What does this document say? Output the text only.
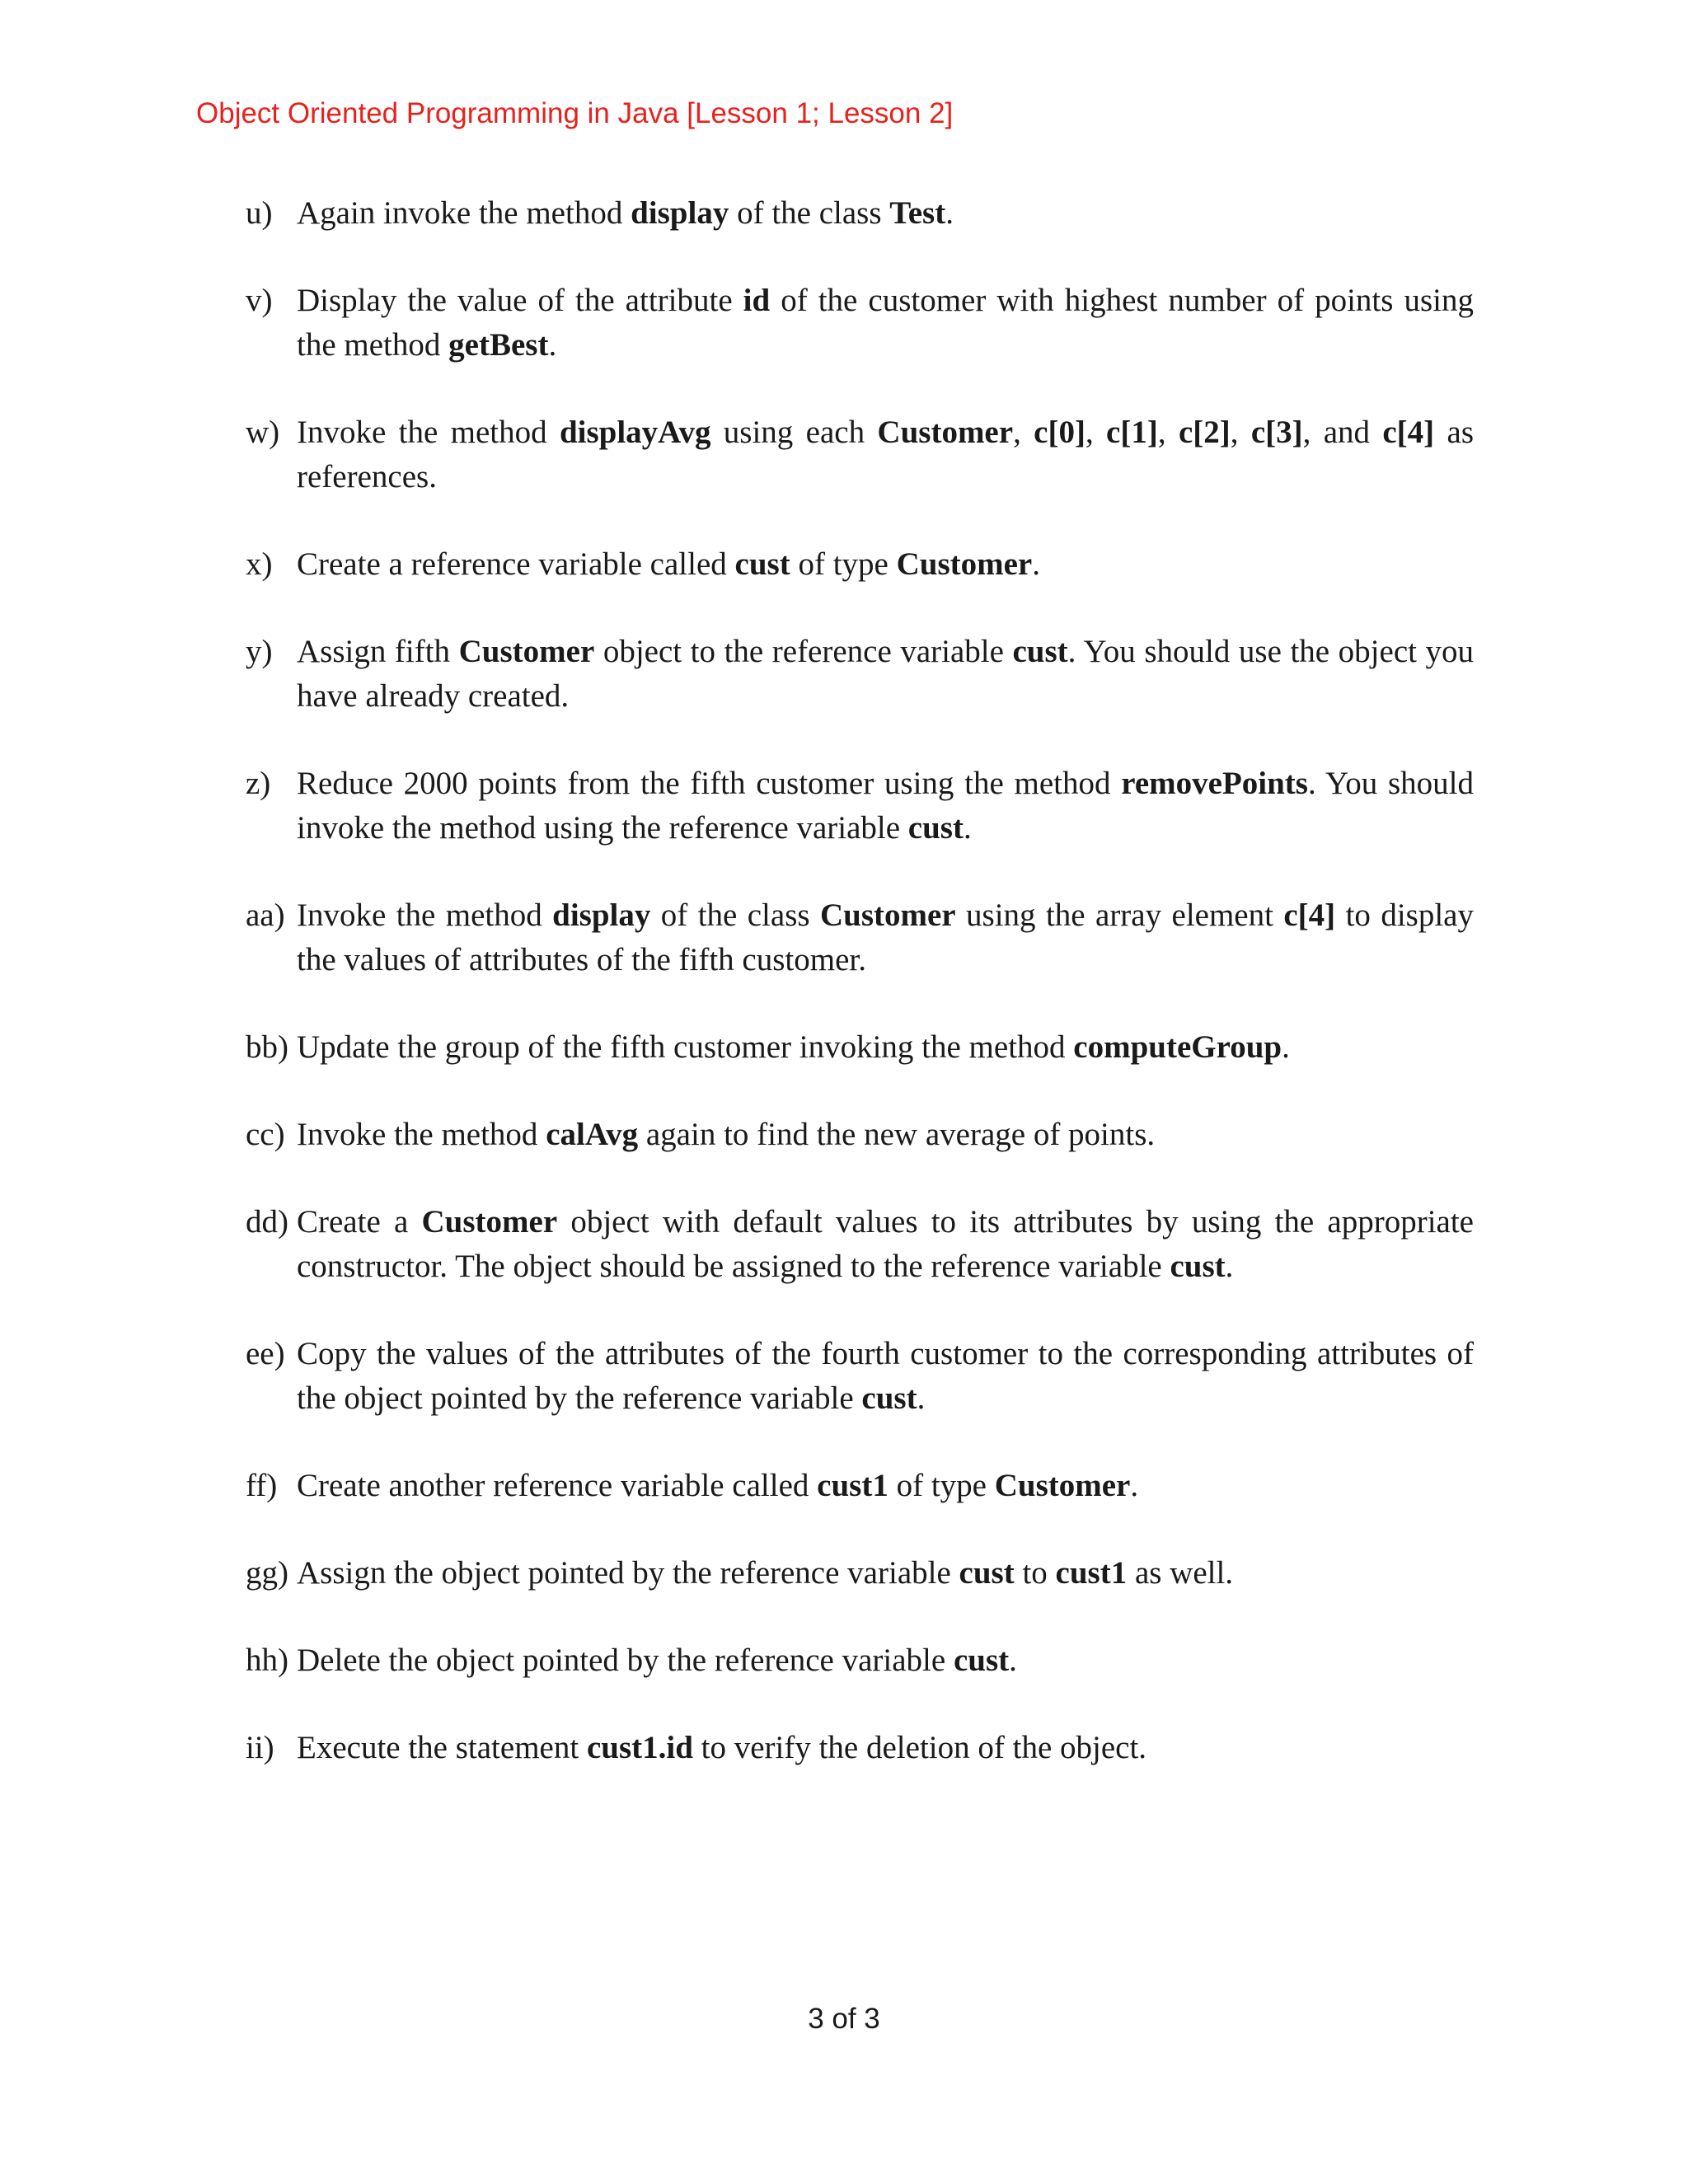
Object Oriented Programming in Java [Lesson 1; Lesson 2]
u) Again invoke the method display of the class Test.
v) Display the value of the attribute id of the customer with highest number of points using the method getBest.
w) Invoke the method displayAvg using each Customer, c[0], c[1], c[2], c[3], and c[4] as references.
x) Create a reference variable called cust of type Customer.
y) Assign fifth Customer object to the reference variable cust. You should use the object you have already created.
z) Reduce 2000 points from the fifth customer using the method removePoints. You should invoke the method using the reference variable cust.
aa) Invoke the method display of the class Customer using the array element c[4] to display the values of attributes of the fifth customer.
bb) Update the group of the fifth customer invoking the method computeGroup.
cc) Invoke the method calAvg again to find the new average of points.
dd) Create a Customer object with default values to its attributes by using the appropriate constructor. The object should be assigned to the reference variable cust.
ee) Copy the values of the attributes of the fourth customer to the corresponding attributes of the object pointed by the reference variable cust.
ff) Create another reference variable called cust1 of type Customer.
gg) Assign the object pointed by the reference variable cust to cust1 as well.
hh) Delete the object pointed by the reference variable cust.
ii) Execute the statement cust1.id to verify the deletion of the object.
3 of 3
